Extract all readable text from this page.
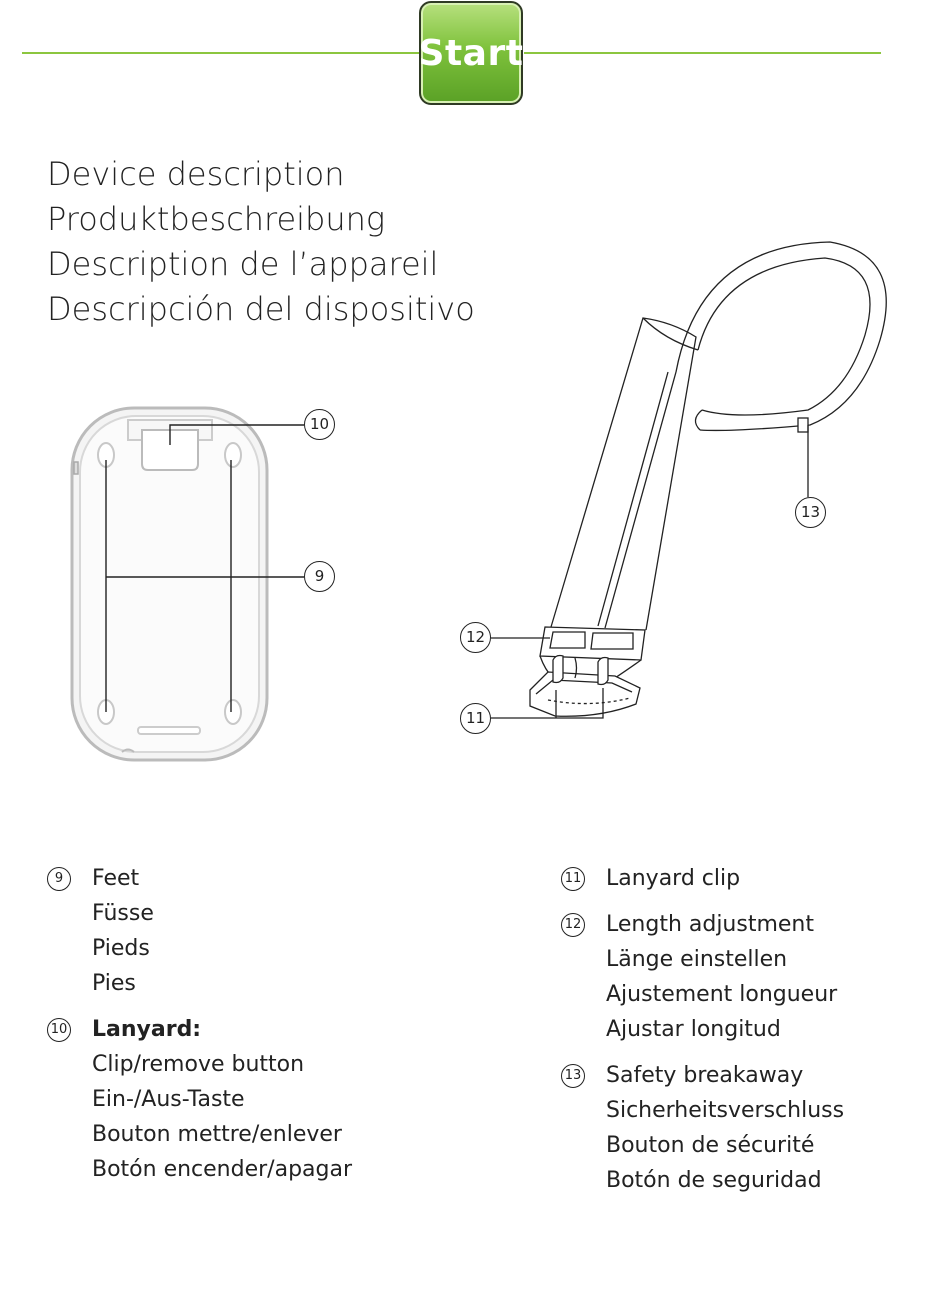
Start
Device description
Produktbeschreibung
Description de l’appareil
Descripción del dispositivo
10
9
13
12
11
9	Feet
Füsse
Pieds
Pies
10 Lanyard:
Clip/remove button
Ein-/Aus-Taste
Bouton mettre/enlever
Botón encender/apagar
11 Lanyard clip
12 Length adjustment
Länge einstellen
Ajustement longueur
Ajustar longitud
13 Safety breakaway
Sicherheitsverschluss
Bouton de sécurité
Botón de seguridad
